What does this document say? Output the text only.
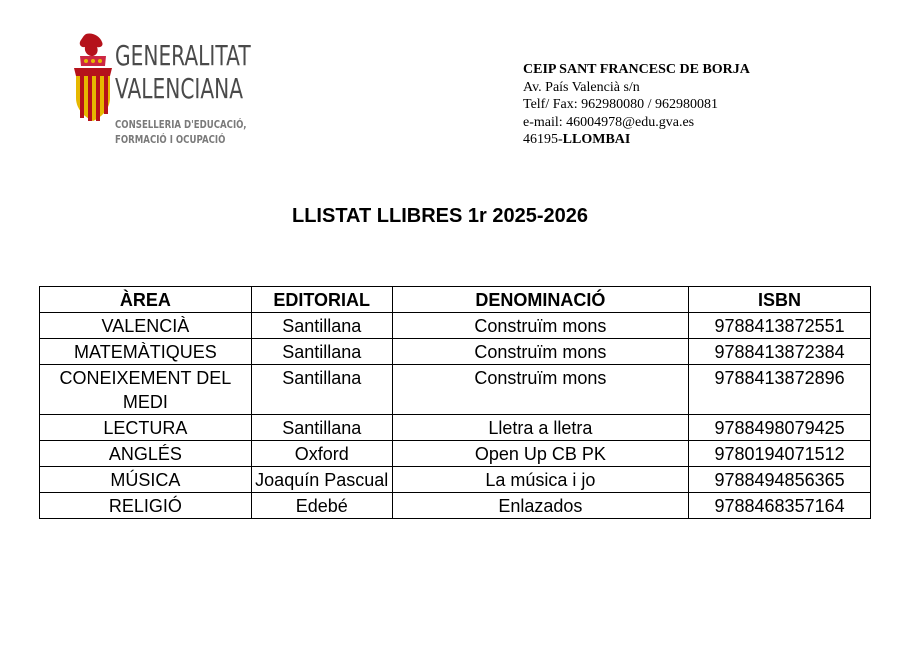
GENERALITAT
VALENCIANA
CONSELLERIA D'EDUCACIÓ,
FORMACIÓ I OCUPACIÓ
CEIP SANT FRANCESC DE BORJA
Av. País Valencià s/n
Telf/ Fax: 962980080 / 962980081
e-mail: 46004978@edu.gva.es
46195-LLOMBAI
LLISTAT LLIBRES 1r 2025-2026
ÀREA	EDITORIAL	DENOMINACIÓ	ISBN
VALENCIÀ	Santillana	Construïm mons	9788413872551
MATEMÀTIQUES	Santillana	Construïm mons	9788413872384
CONEIXEMENT DEL MEDI	Santillana	Construïm mons	9788413872896
LECTURA	Santillana	Lletra a lletra	9788498079425
ANGLÉS	Oxford	Open Up CB PK	9780194071512
MÚSICA	Joaquín Pascual	La música i jo	9788494856365
RELIGIÓ	Edebé	Enlazados	9788468357164
